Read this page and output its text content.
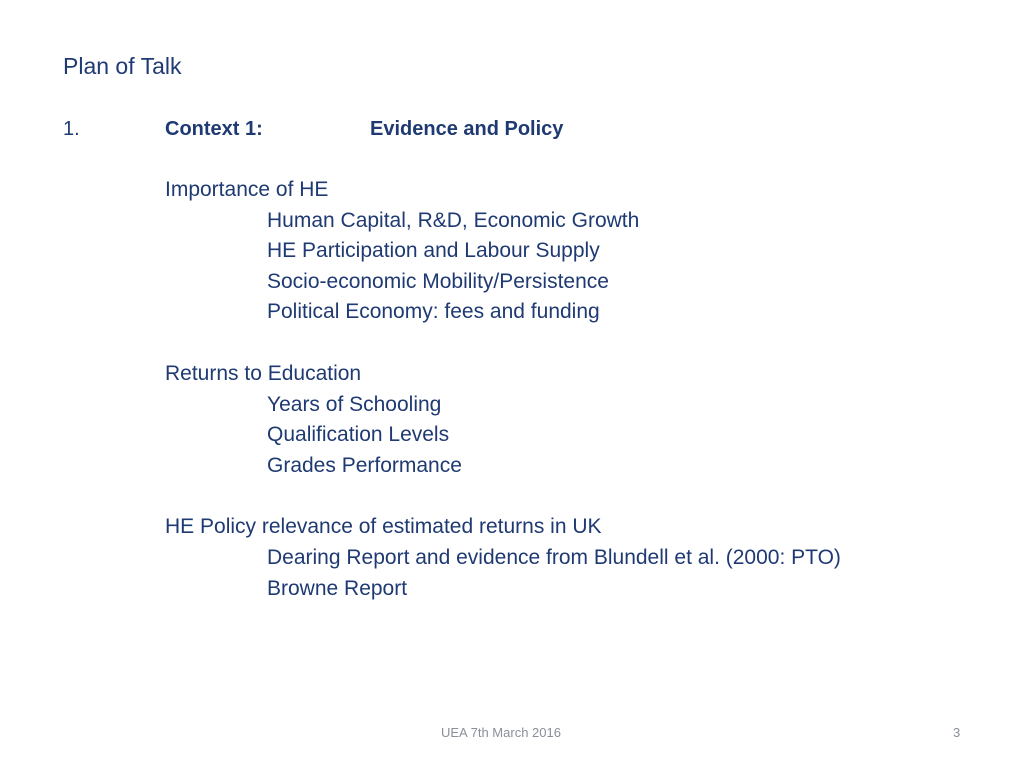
Plan of Talk
1.	Context 1:	Evidence and Policy
Importance of HE
Human Capital, R&D, Economic Growth
HE Participation and Labour Supply
Socio-economic Mobility/Persistence
Political Economy: fees and funding
Returns to Education
Years of Schooling
Qualification Levels
Grades Performance
HE Policy relevance of estimated returns in UK
Dearing Report and evidence from Blundell et al. (2000: PTO)
Browne Report
UEA 7th March 2016	3
